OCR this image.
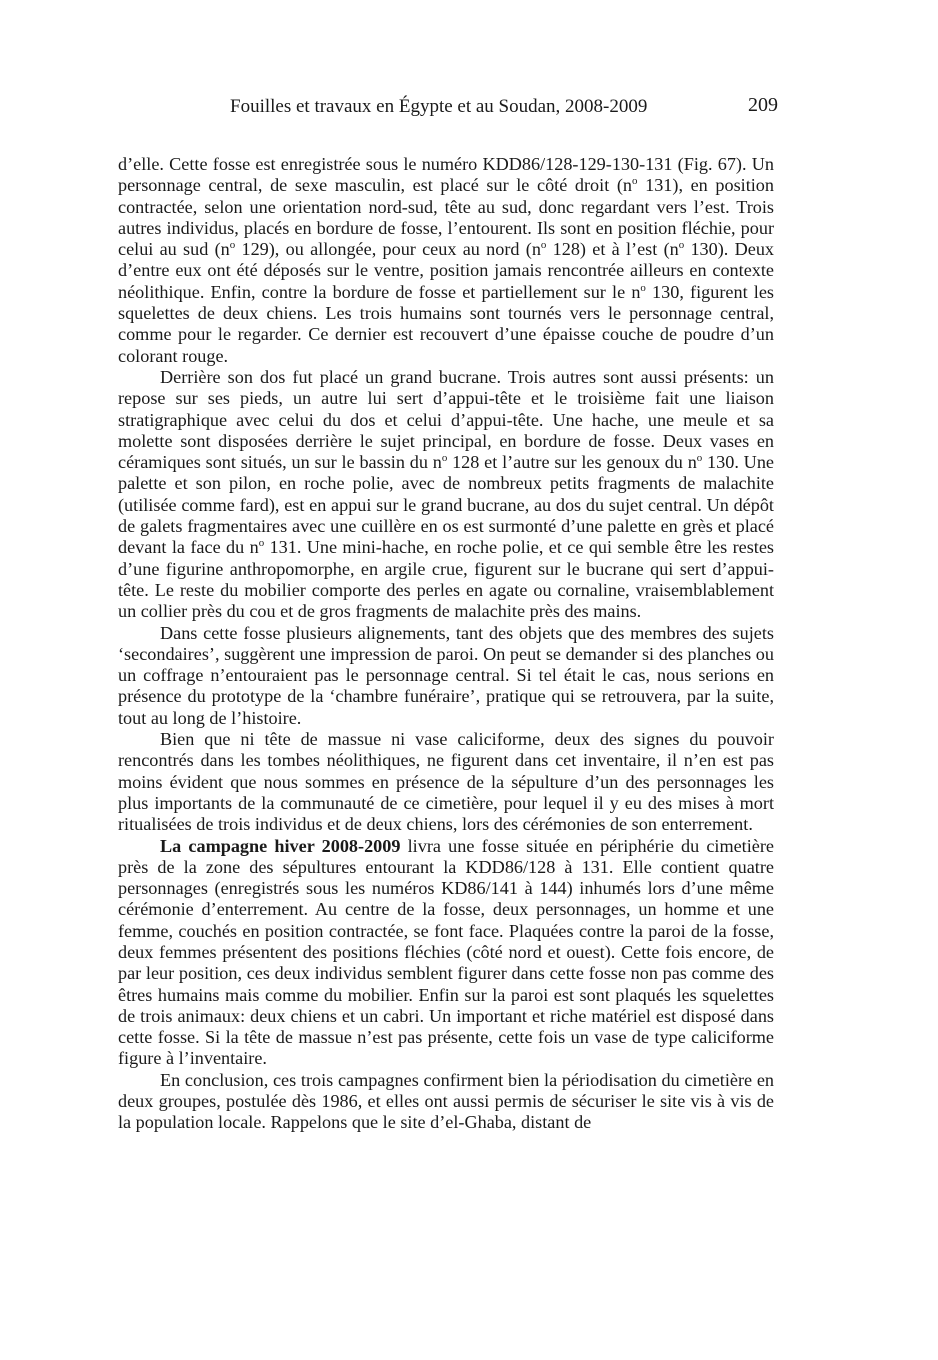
Fouilles et travaux en Égypte et au Soudan, 2008-2009	209

d’elle. Cette fosse est enregistrée sous le numéro KDD86/128-129-130-131 (Fig. 67). Un personnage central, de sexe masculin, est placé sur le côté droit ($n^o$ 131), en position contractée, selon une orientation nord-sud, tête au sud, donc regardant vers l’est. Trois autres individus, placés en bordure de fosse, l’entourent. Ils sont en position fléchie, pour celui au sud ($n^o$ 129), ou allongée, pour ceux au nord ($n^o$ 128) et à l’est ($n^o$ 130). Deux d’entre eux ont été déposés sur le ventre, position jamais rencontrée ailleurs en contexte néolithique. Enfin, contre la bordure de fosse et partiellement sur le $n^o$ 130, figurent les squelettes de deux chiens. Les trois humains sont tournés vers le personnage central, comme pour le regarder. Ce dernier est recouvert d’une épaisse couche de poudre d’un colorant rouge.

Derrière son dos fut placé un grand bucrane. Trois autres sont aussi présents: un repose sur ses pieds, un autre lui sert d’appui-tête et le troisième fait une liaison stratigraphique avec celui du dos et celui d’appui-tête. Une hache, une meule et sa molette sont disposées derrière le sujet principal, en bordure de fosse. Deux vases en céramiques sont situés, un sur le bassin du $n^o$ 128 et l’autre sur les genoux du $n^o$ 130. Une palette et son pilon, en roche polie, avec de nombreux petits fragments de malachite (utilisée comme fard), est en appui sur le grand bucrane, au dos du sujet central. Un dépôt de galets fragmentaires avec une cuillère en os est surmonté d’une palette en grès et placé devant la face du $n^o$ 131. Une mini-hache, en roche polie, et ce qui semble être les restes d’une figurine anthropomorphe, en argile crue, figurent sur le bucrane qui sert d’appui-tête. Le reste du mobilier comporte des perles en agate ou cornaline, vraisemblablement un collier près du cou et de gros fragments de malachite près des mains.

Dans cette fosse plusieurs alignements, tant des objets que des membres des sujets ‘secondaires’, suggèrent une impression de paroi. On peut se demander si des planches ou un coffrage n’entouraient pas le personnage central. Si tel était le cas, nous serions en présence du prototype de la ‘chambre funéraire’, pratique qui se retrouvera, par la suite, tout au long de l’histoire.

Bien que ni tête de massue ni vase caliciforme, deux des signes du pouvoir rencontrés dans les tombes néolithiques, ne figurent dans cet inventaire, il n’en est pas moins évident que nous sommes en présence de la sépulture d’un des personnages les plus importants de la communauté de ce cimetière, pour lequel il y eu des mises à mort ritualisées de trois individus et de deux chiens, lors des cérémonies de son enterrement.

La campagne hiver 2008-2009 livra une fosse située en périphérie du cimetière près de la zone des sépultures entourant la KDD86/128 à 131. Elle contient quatre personnages (enregistrés sous les numéros KD86/141 à 144) inhumés lors d’une même cérémonie d’enterrement. Au centre de la fosse, deux personnages, un homme et une femme, couchés en position contractée, se font face. Plaquées contre la paroi de la fosse, deux femmes présentent des positions fléchies (côté nord et ouest). Cette fois encore, de par leur position, ces deux individus semblent figurer dans cette fosse non pas comme des êtres humains mais comme du mobilier. Enfin sur la paroi est sont plaqués les squelettes de trois animaux: deux chiens et un cabri. Un important et riche matériel est disposé dans cette fosse. Si la tête de massue n’est pas présente, cette fois un vase de type caliciforme figure à l’inventaire.

En conclusion, ces trois campagnes confirment bien la périodisation du cimetière en deux groupes, postulée dès 1986, et elles ont aussi permis de sécuriser le site vis à vis de la population locale. Rappelons que le site d’el-Ghaba, distant de
